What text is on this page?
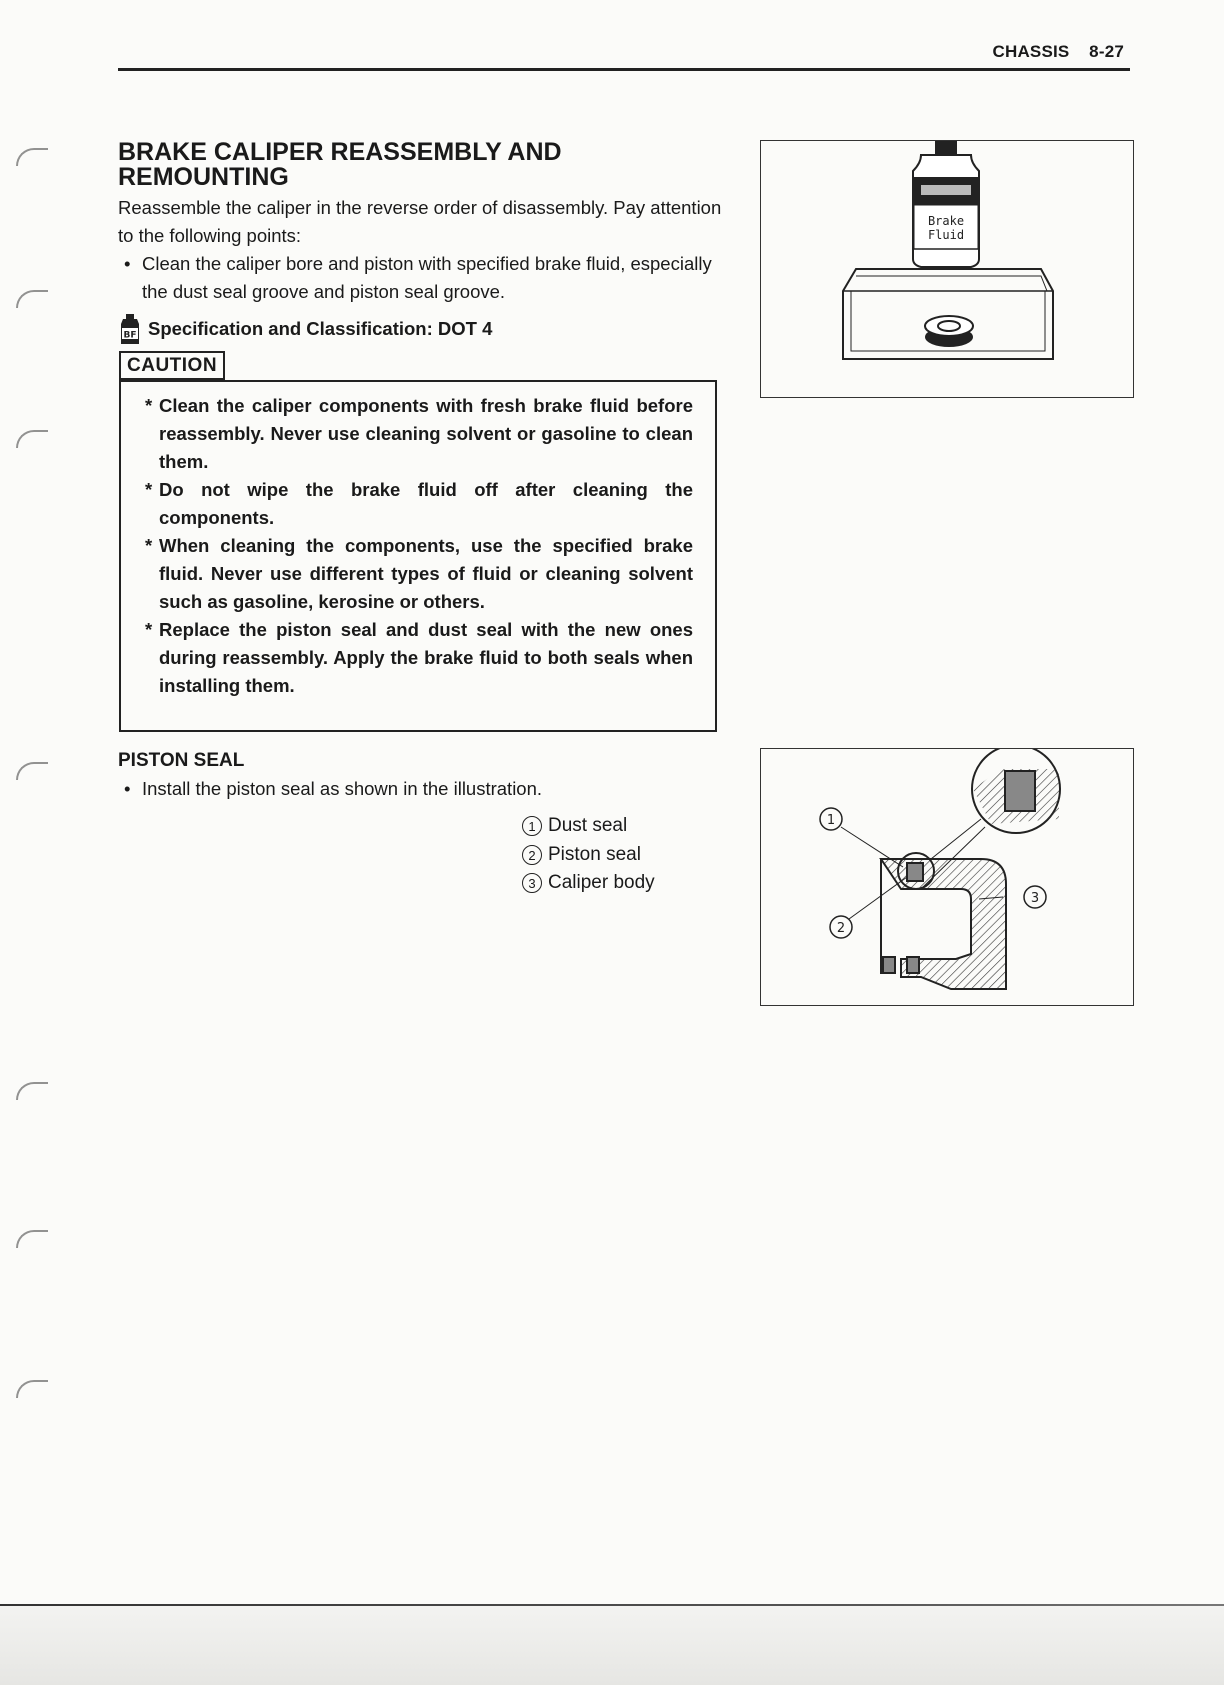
CHASSIS 8-27
BRAKE CALIPER REASSEMBLY AND REMOUNTING
Reassemble the caliper in the reverse order of disassembly. Pay attention to the following points:
• Clean the caliper bore and piston with specified brake fluid, especially the dust seal groove and piston seal groove.
BF Specification and Classification: DOT 4
CAUTION
* Clean the caliper components with fresh brake fluid before reassembly. Never use cleaning solvent or gasoline to clean them.
* Do not wipe the brake fluid off after cleaning the components.
* When cleaning the components, use the specified brake fluid. Never use different types of fluid or cleaning solvent such as gasoline, kerosine or others.
* Replace the piston seal and dust seal with the new ones during reassembly. Apply the brake fluid to both seals when installing them.
Brake
Fluid
PISTON SEAL
• Install the piston seal as shown in the illustration.
1 Dust seal
2 Piston seal
3 Caliper body
1
2
3
